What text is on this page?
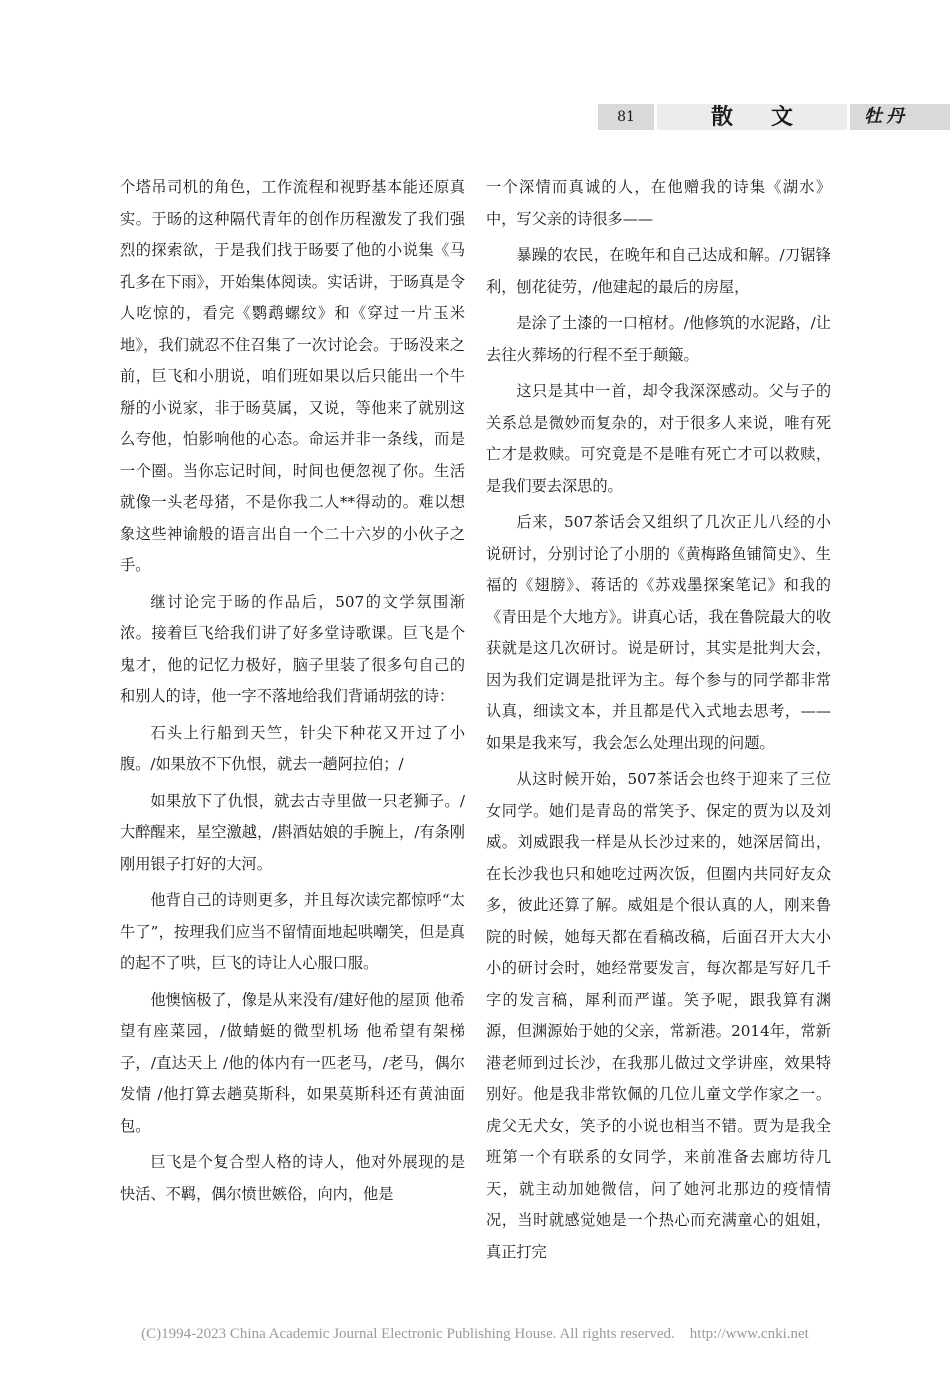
81	散文	牡丹

个塔吊司机的角色，工作流程和视野基本能还原真实。于旸的这种隔代青年的创作历程激发了我们强烈的探索欲，于是我们找于旸要了他的小说集《马孔多在下雨》，开始集体阅读。实话讲，于旸真是令人吃惊的，看完《鹦鹉螺纹》和《穿过一片玉米地》，我们就忍不住召集了一次讨论会。于旸没来之前，巨飞和小朋说，咱们班如果以后只能出一个牛掰的小说家，非于旸莫属，又说，等他来了就别这么夸他，怕影响他的心态。命运并非一条线，而是一个圈。当你忘记时间，时间也便忽视了你。生活就像一头老母猪，不是你我二人**得动的。难以想象这些神谕般的语言出自一个二十六岁的小伙子之手。

继讨论完于旸的作品后，507的文学氛围渐浓。接着巨飞给我们讲了好多堂诗歌课。巨飞是个鬼才，他的记忆力极好，脑子里装了很多句自己的和别人的诗，他一字不落地给我们背诵胡弦的诗：

石头上行船到天竺，针尖下种花又开过了小腹。/如果放不下仇恨，就去一趟阿拉伯；/

如果放下了仇恨，就去古寺里做一只老狮子。/大醉醒来，星空激越，/斟酒姑娘的手腕上，/有条刚刚用银子打好的大河。

他背自己的诗则更多，并且每次读完都惊呼“太牛了”，按理我们应当不留情面地起哄嘲笑，但是真的起不了哄，巨飞的诗让人心服口服。

他懊恼极了，像是从来没有/建好他的屋顶 他希望有座菜园，/做蜻蜓的微型机场 他希望有架梯子，/直达天上 /他的体内有一匹老马，/老马，偶尔发情 /他打算去趟莫斯科，如果莫斯科还有黄油面包。

巨飞是个复合型人格的诗人，他对外展现的是快活、不羁，偶尔愤世嫉俗，向内，他是

一个深情而真诚的人，在他赠我的诗集《湖水》中，写父亲的诗很多——

暴躁的农民，在晚年和自己达成和解。/刀锯锋利，刨花徒劳，/他建起的最后的房屋，

是涂了土漆的一口棺材。/他修筑的水泥路，/让去往火葬场的行程不至于颠簸。

这只是其中一首，却令我深深感动。父与子的关系总是微妙而复杂的，对于很多人来说，唯有死亡才是救赎。可究竟是不是唯有死亡才可以救赎，是我们要去深思的。

后来，507茶话会又组织了几次正儿八经的小说研讨，分别讨论了小朋的《黄梅路鱼铺简史》、生福的《翅膀》、蒋话的《苏戏墨探案笔记》和我的《青田是个大地方》。讲真心话，我在鲁院最大的收获就是这几次研讨。说是研讨，其实是批判大会，因为我们定调是批评为主。每个参与的同学都非常认真，细读文本，并且都是代入式地去思考，——如果是我来写，我会怎么处理出现的问题。

从这时候开始，507茶话会也终于迎来了三位女同学。她们是青岛的常笑予、保定的贾为以及刘威。刘威跟我一样是从长沙过来的，她深居简出，在长沙我也只和她吃过两次饭，但圈内共同好友众多，彼此还算了解。威姐是个很认真的人，刚来鲁院的时候，她每天都在看稿改稿，后面召开大大小小的研讨会时，她经常要发言，每次都是写好几千字的发言稿，犀利而严谨。笑予呢，跟我算有渊源，但渊源始于她的父亲，常新港。2014年，常新港老师到过长沙，在我那儿做过文学讲座，效果特别好。他是我非常钦佩的几位儿童文学作家之一。虎父无犬女，笑予的小说也相当不错。贾为是我全班第一个有联系的女同学，来前准备去廊坊待几天，就主动加她微信，问了她河北那边的疫情情况，当时就感觉她是一个热心而充满童心的姐姐，真正打完

(C)1994-2023 China Academic Journal Electronic Publishing House. All rights reserved.    http://www.cnki.net
